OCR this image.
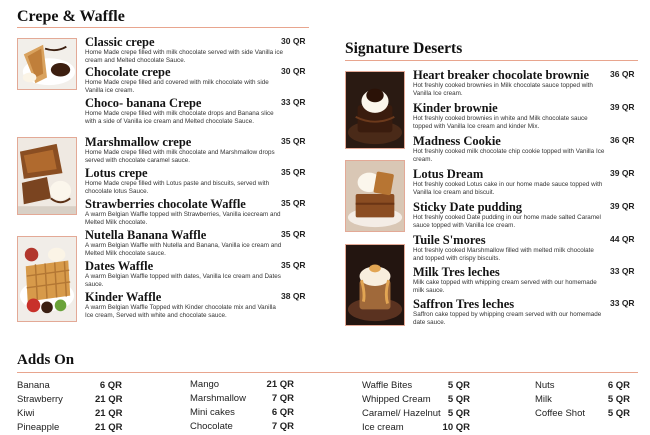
Crepe & Waffle
Classic crepe	30 QR
Home Made crepe filled with milk chocolate served with side Vanilla ice cream and Melted chocolate Sauce.
Chocolate crepe	30 QR
Home Made crepe filled and covered with milk chocolate with side Vanilla ice cream.
Choco- banana Crepe	33 QR
Home Made crepe filled with milk chocolate drops and Banana slice with a side of Vanilla ice cream and Melted chocolate Sauce.
Marshmallow crepe	35 QR
Home Made crepe filled with milk chocolate and Marshmallow drops served with chocolate caramel sauce.
Lotus crepe	35 QR
Home Made crepe filled with Lotus paste and biscuits, served with chocolate lotus Sauce.
Strawberries chocolate Waffle	35 QR
A warm Belgian Waffle topped with Strawberries, Vanilla icecream and Melted Milk chocolate.
Nutella Banana Waffle	35 QR
A warm Belgian Waffle with Nutella and Banana, Vanilla ice cream and Melted Milk chocolate sauce.
Dates Waffle	35 QR
A warm Belgian Waffle topped with dates, Vanilla Ice cream and Dates sauce.
Kinder Waffle	38 QR
A warm Belgian Waffle Topped with Kinder chocolate mix and Vanilla Ice cream, Served with white and chocolate sauce.
Signature Deserts
Heart breaker chocolate brownie 36 QR
Hot freshly cooked brownies in Milk chocolate sauce topped with Vanilla Ice cream.
Kinder brownie	39 QR
Hot freshly cooked brownies in white and Milk chocolate sauce topped with Vanilla Ice cream and kinder Mix.
Madness Cookie	36 QR
Hot freshly cooked milk chocolate chip cookie topped with Vanilla Ice cream.
Lotus Dream	39 QR
Hot freshly cooked Lotus cake in our home made sauce topped with Vanilla Ice cream and biscuit.
Sticky Date pudding	39 QR
Hot freshly cooked Date pudding in our home made salted Caramel sauce topped with Vanilla Ice cream.
Tuile S'mores	44 QR
Hot freshly cooked Marshmallow filled with melted milk chocolate and topped with crispy biscuits.
Milk Tres leches	33 QR
Milk cake topped with whipping cream served with our homemade milk sauce.
Saffron Tres leches	33 QR
Saffron cake topped by whipping cream served with our homemade date sauce.
Adds On
Banana	6 QR
Strawberry	21 QR
Kiwi	21 QR
Pineapple	21 QR
Mango	21 QR
Marshmallow	7 QR
Mini cakes	6 QR
Chocolate	7 QR
Waffle Bites	5 QR
Whipped Cream	5 QR
Caramel/ Hazelnut 5 QR
Ice cream	10 QR
Nuts	6 QR
Milk	5 QR
Coffee Shot	5 QR
